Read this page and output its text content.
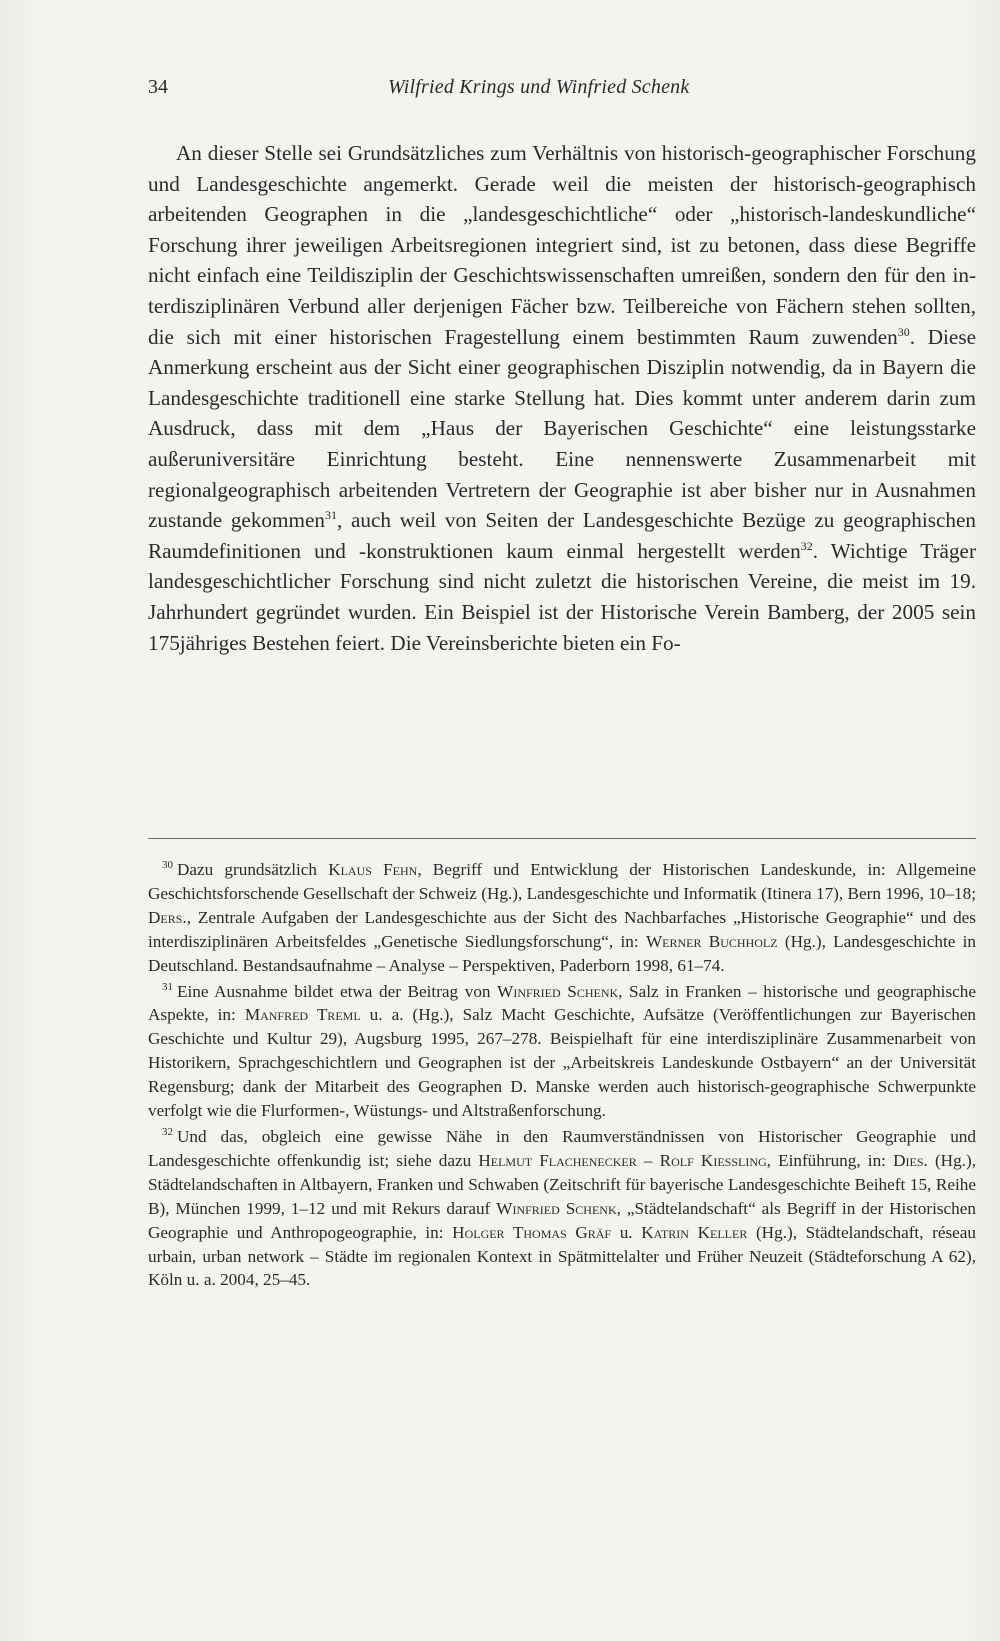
34	Wilfried Krings und Winfried Schenk

An dieser Stelle sei Grundsätzliches zum Verhältnis von historisch-geographischer Forschung und Landesgeschichte angemerkt. Gerade weil die meisten der historisch-geographisch arbeitenden Geographen in die „landesgeschichtliche“ oder „historisch-landeskundliche“ Forschung ihrer jeweiligen Arbeitsregionen integriert sind, ist zu betonen, dass diese Begriffe nicht einfach eine Teildisziplin der Geschichtswissenschaften umreißen, sondern den für den interdisziplinären Verbund aller derjenigen Fächer bzw. Teilbereiche von Fächern stehen sollten, die sich mit einer historischen Fragestellung einem bestimmten Raum zuwenden$^{30}$. Diese Anmerkung erscheint aus der Sicht einer geographischen Disziplin notwendig, da in Bayern die Landesgeschichte traditionell eine starke Stellung hat. Dies kommt unter anderem darin zum Ausdruck, dass mit dem „Haus der Bayerischen Geschichte“ eine leistungsstarke außeruniversitäre Einrichtung besteht. Eine nennenswerte Zusammenarbeit mit regionalgeographisch arbeitenden Vertretern der Geographie ist aber bisher nur in Ausnahmen zustande gekommen$^{31}$, auch weil von Seiten der Landesgeschichte Bezüge zu geographischen Raumdefinitionen und -konstruktionen kaum einmal hergestellt werden$^{32}$. Wichtige Träger landesgeschichtlicher Forschung sind nicht zuletzt die historischen Vereine, die meist im 19. Jahrhundert gegründet wurden. Ein Beispiel ist der Historische Verein Bamberg, der 2005 sein 175jähriges Bestehen feiert. Die Vereinsberichte bieten ein Fo-

$^{30}$ Dazu grundsätzlich Klaus Fehn, Begriff und Entwicklung der Historischen Landeskunde, in: Allgemeine Geschichtsforschende Gesellschaft der Schweiz (Hg.), Landesgeschichte und Informatik (Itinera 17), Bern 1996, 10–18; Ders., Zentrale Aufgaben der Landesgeschichte aus der Sicht des Nachbarfaches „Historische Geographie“ und des interdisziplinären Arbeitsfeldes „Genetische Siedlungsforschung“, in: Werner Buchholz (Hg.), Landesgeschichte in Deutschland. Bestandsaufnahme – Analyse – Perspektiven, Paderborn 1998, 61–74.

$^{31}$ Eine Ausnahme bildet etwa der Beitrag von Winfried Schenk, Salz in Franken – historische und geographische Aspekte, in: Manfred Treml u. a. (Hg.), Salz Macht Geschichte, Aufsätze (Veröffentlichungen zur Bayerischen Geschichte und Kultur 29), Augsburg 1995, 267–278. Beispielhaft für eine interdisziplinäre Zusammenarbeit von Historikern, Sprachgeschichtlern und Geographen ist der „Arbeitskreis Landeskunde Ostbayern“ an der Universität Regensburg; dank der Mitarbeit des Geographen D. Manske werden auch historisch-geographische Schwerpunkte verfolgt wie die Flurformen-, Wüstungs- und Altstraßenforschung.

$^{32}$ Und das, obgleich eine gewisse Nähe in den Raumverständnissen von Historischer Geographie und Landesgeschichte offenkundig ist; siehe dazu Helmut Flachenecker – Rolf Kiessling, Einführung, in: Dies. (Hg.), Städtelandschaften in Altbayern, Franken und Schwaben (Zeitschrift für bayerische Landesgeschichte Beiheft 15, Reihe B), München 1999, 1–12 und mit Rekurs darauf Winfried Schenk, „Städtelandschaft“ als Begriff in der Historischen Geographie und Anthropogeographie, in: Holger Thomas Gräf u. Katrin Keller (Hg.), Städtelandschaft, réseau urbain, urban network – Städte im regionalen Kontext in Spätmittelalter und Früher Neuzeit (Städteforschung A 62), Köln u. a. 2004, 25–45.
